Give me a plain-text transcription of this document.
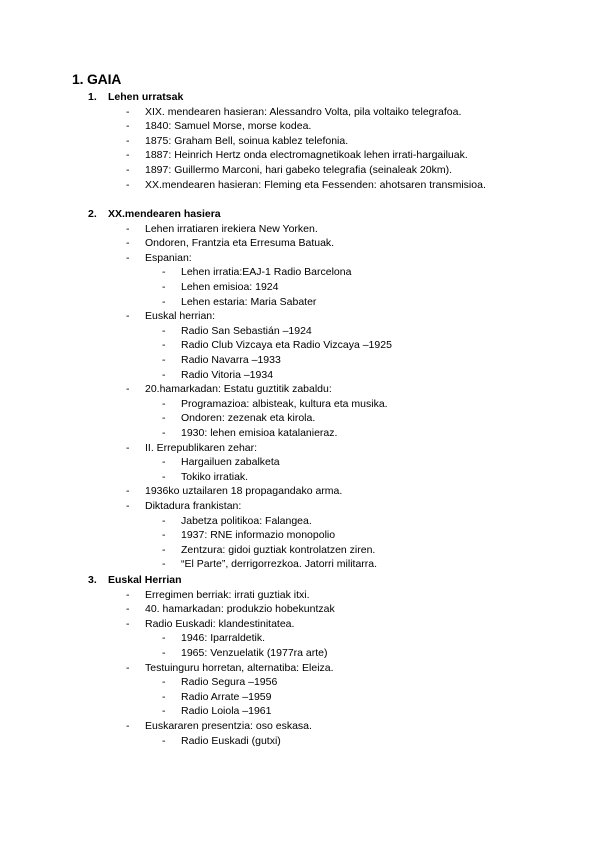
1. GAIA
1. Lehen urratsak
- XIX. mendearen hasieran: Alessandro Volta, pila voltaiko telegrafoa.
- 1840: Samuel Morse, morse kodea.
- 1875: Graham Bell, soinua kablez telefonia.
- 1887: Heinrich Hertz onda electromagnetikoak lehen irrati-hargailuak.
- 1897: Guillermo Marconi, hari gabeko telegrafia (seinaleak 20km).
- XX.mendearen hasieran: Fleming eta Fessenden: ahotsaren transmisioa.
2. XX.mendearen hasiera
- Lehen irratiaren irekiera New Yorken.
- Ondoren, Frantzia eta Erresuma Batuak.
- Espanian:
- Lehen irratia:EAJ-1 Radio Barcelona
- Lehen emisioa: 1924
- Lehen estaria: Maria Sabater
- Euskal herrian:
- Radio San Sebastián –1924
- Radio Club Vizcaya eta Radio Vizcaya –1925
- Radio Navarra –1933
- Radio Vitoria –1934
- 20.hamarkadan: Estatu guztitik zabaldu:
- Programazioa: albisteak, kultura eta musika.
- Ondoren: zezenak eta kirola.
- 1930: lehen emisioa katalanieraz.
- II. Errepublikaren zehar:
- Hargailuen zabalketa
- Tokiko irratiak.
- 1936ko uztailaren 18 propagandako arma.
- Diktadura frankistan:
- Jabetza politikoa: Falangea.
- 1937: RNE informazio monopolio
- Zentzura: gidoi guztiak kontrolatzen ziren.
- “El Parte”, derrigorrezkoa. Jatorri militarra.
3. Euskal Herrian
- Erregimen berriak: irrati guztiak itxi.
- 40. hamarkadan: produkzio hobekuntzak
- Radio Euskadi: klandestinitatea.
- 1946: Iparraldetik.
- 1965: Venzuelatik (1977ra arte)
- Testuinguru horretan, alternatiba: Eleiza.
- Radio Segura –1956
- Radio Arrate –1959
- Radio Loiola –1961
- Euskararen presentzia: oso eskasa.
- Radio Euskadi (gutxi)
